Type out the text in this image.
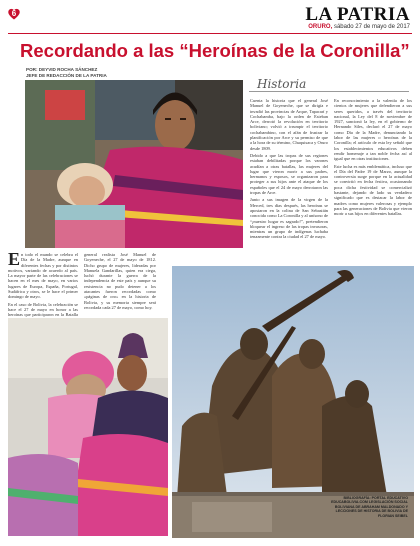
6	LA PATRIA
ORURO, sábado 27 de mayo de 2017
Recordando a las “Heroínas de la Coronilla”
POR: DEYVID ROCHA SÁNCHEZ
JEFE DE REDACCIÓN DE LA PATRIA
Historia

Cuenta la historia que el general José Manuel de Goyeneche, que se dirigía e invadió las provincias de Arque, Tapacarí y Cochabamba, bajo la orden de Esteban Arce, derrotó la revolución en territorio boliviano; volvió a irrumpir el territorio cochabambino, con el afán de frustrar la planificación por Arce y su permiso de que a la hora de su término, Chuquisaca y Oruro desde 1809.

Debido a que las tropas de sus regiones estaban debilitadas porque los varones acudían a otras batallas, las mujeres del lugar que vieron morir a sus padres, hermanos y esposos, se organizaron para proteger a sus hijos ante el ataque de los españoles que el 24 de mayo derrotaron las tropas de Arce.

Junto a sus imagen de la virgen de la Merced, tres días después, las heroínas se apostaron en la colina de San Sebastián conocida como La Coronilla y al unísono de “¡nuestro hogar es sagrado!”, pretendieron bloquear el ingreso de las tropas invasoras, mientras un grupo de indígenas luchaba tenazmente contra la ciudad el 27 de mayo.

En reconocimiento a la valentía de los cientos de mujeres que defendieron a sus seres queridos, a través del territorio nacional, la Ley del 8 de noviembre de 1927, sancionó la ley, en el gobierno de Hernando Siles, declaró el 27 de mayo como Día de la Madre, denunciando la labor de las mujeres o heroínas de la Coronilla; el artículo de esta ley señaló que los establecimientos educativos deben rendir homenaje a tan noble fecha así al igual que en otras instituciones.

Este lucha es más emblemática, incluso que el Día del Padre 19 de Marzo, aunque la controversia surge porque en la actualidad se convirtió en fecha festiva, ocasionando poca dicha festividad se comercializó bastante, dejando de lado su verdadero significado que es destacar la labor de madres como mujeres valerosas y ejemplo para las generaciones de Bolivia que vieron morir a sus hijos en diferentes batallas.

E n todo el mundo se celebra el Día de la Madre, aunque en diferentes fechas y por distintos motivos, variando de acuerdo al país. La mayor parte de las celebraciones se hacen en el mes de mayo, en varios lugares de Europa, España, Portugal, Sudáfrica y otros, se le hace el primer domingo de mayo.

En el caso de Bolivia, la celebración se hace el 27 de mayo en honor a las heroínas que participaron en la Batalla

general realista José Manuel de Goyeneche, el 27 de mayo de 1812. Dicho grupo de mujeres, lideradas por Manuela Gandarillas, quien era ciega, luchó durante la guerra de la independencia de este país y aunque su resistencia no pudo detener a los atacantes fueron recordadas como «páginas de oro» en la historia de Bolivia, y su memoria siempre será recordada cada 27 de mayo, como hoy.

BIBLIOGRAFÍA: PORTAL EDUCATIVO EDUCABOLIVIA.COM LEGISLACIÓN SOCIAL BOLIVIANA DE ABRAHAM MALDONADO Y LECCIONES DE HISTORIA DE BOLIVIA DE FLORIAN SEIBEL
